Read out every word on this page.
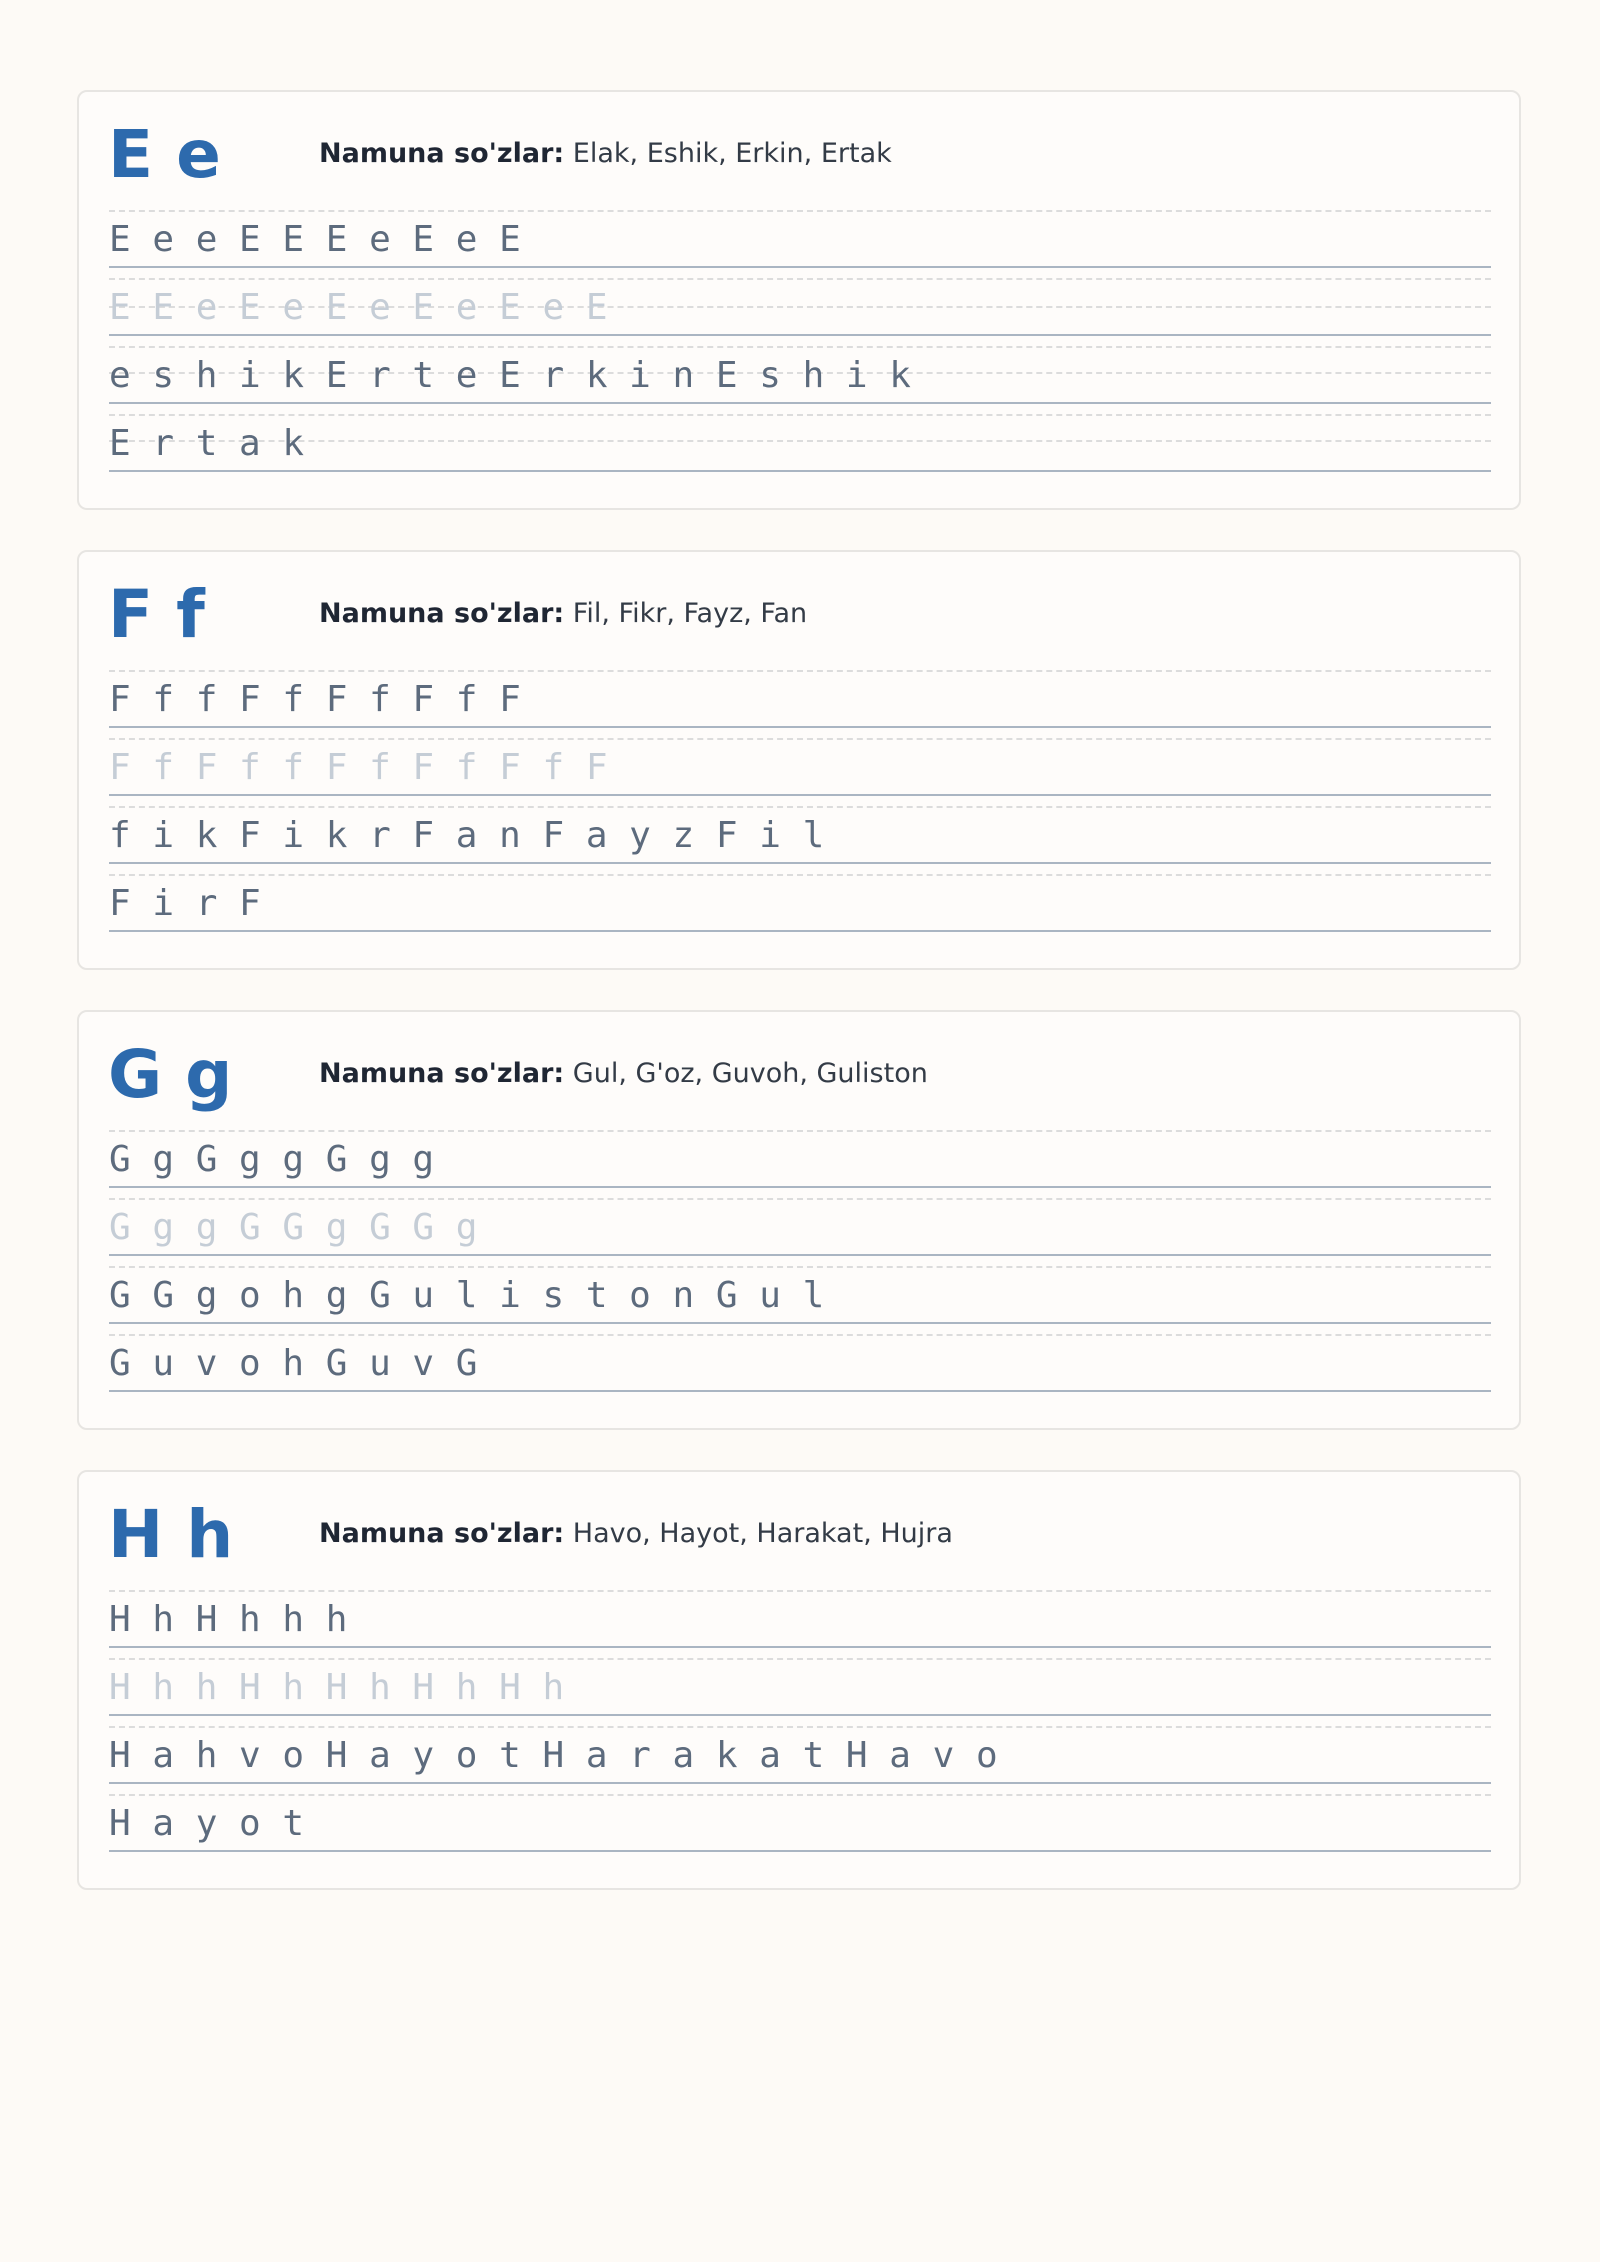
E e	Namuna so'zlar: Elak, Eshik, Erkin, Ertak
E e e E E E e E e E
E E e E e E e E e E e E
e s h i k E r t e E r k i n E s h i k
E r t a k
F f	Namuna so'zlar: Fil, Fikr, Fayz, Fan
F f f F f F f F f F
F f F f f F f F f F f F
f i k F i k r F a n F a y z F i l
F i r F
G g	Namuna so'zlar: Gul, G'oz, Guvoh, Guliston
G g G g g G g g
G g g G G g G G g
G G g o h g G u l i s t o n G u l
G u v o h G u v G
H h	Namuna so'zlar: Havo, Hayot, Harakat, Hujra
H h H h h h
H h h H h H h H h H h
H a h v o H a y o t H a r a k a t H a v o
H a y o t
